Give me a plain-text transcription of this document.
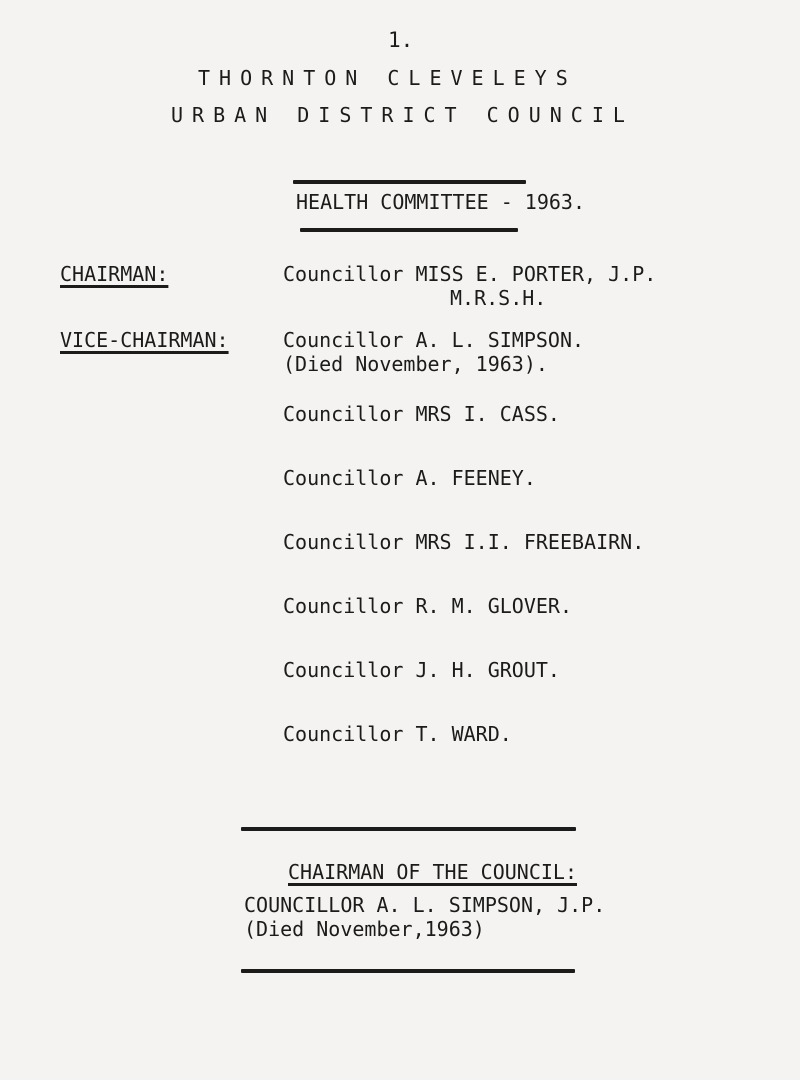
1.
THORNTON CLEVELEYS
URBAN DISTRICT COUNCIL
HEALTH COMMITTEE - 1963.
CHAIRMAN:	Councillor MISS E. PORTER, J.P.
M.R.S.H.
VICE-CHAIRMAN:	Councillor A. L. SIMPSON.
(Died November, 1963).
Councillor MRS I. CASS.
Councillor A. FEENEY.
Councillor MRS I.I. FREEBAIRN.
Councillor R. M. GLOVER.
Councillor J. H. GROUT.
Councillor T. WARD.
CHAIRMAN OF THE COUNCIL:
COUNCILLOR A. L. SIMPSON, J.P.
(Died November,1963)
